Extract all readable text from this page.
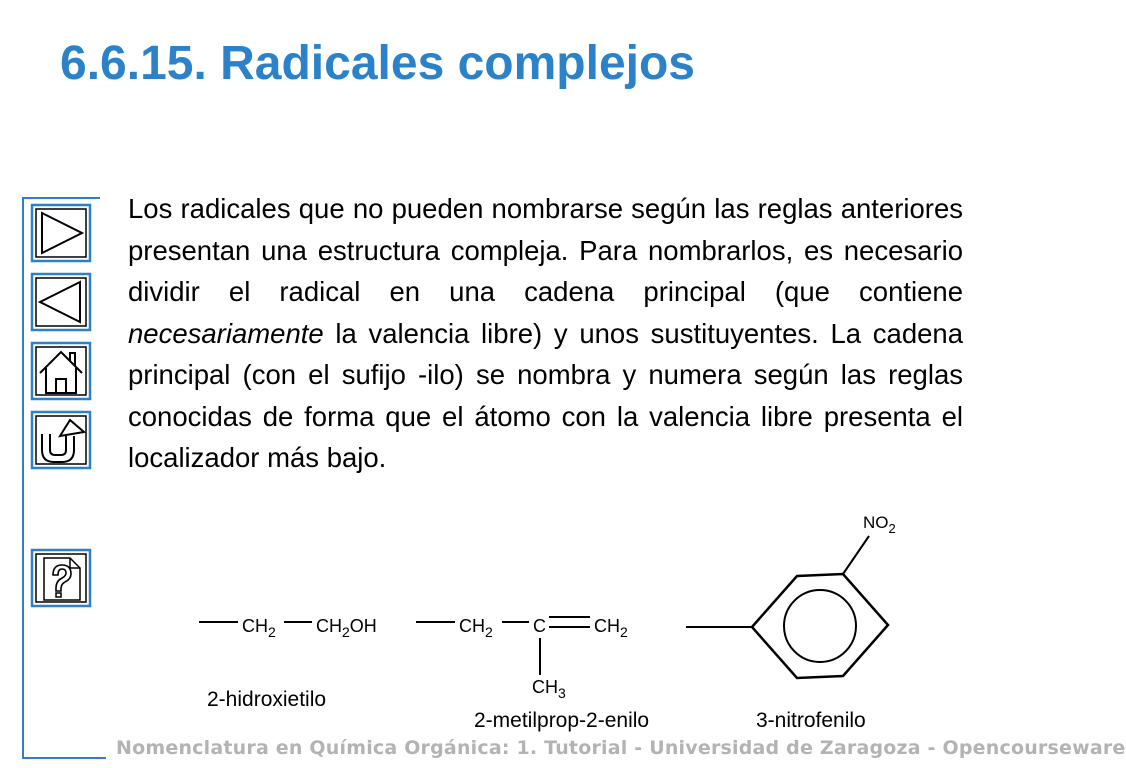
6.6.15. Radicales complejos
Los radicales que no pueden nombrarse según las reglas anteriores presentan una estructura compleja. Para nombrarlos, es necesario dividir el radical en una cadena principal (que contiene necesariamente la valencia libre) y unos sustituyentes. La cadena principal (con el sufijo -ilo) se nombra y numera según las reglas conocidas de forma que el átomo con la valencia libre presenta el localizador más bajo.
$CH_2$ $CH_2OH$
2-hidroxietilo
$CH_2$ C	$CH_2$
$CH_3$
2-metilprop-2-enilo
$NO_2$
3-nitrofenilo
Nomenclatura en Química Orgánica: 1. Tutorial - Universidad de Zaragoza - Opencourseware
